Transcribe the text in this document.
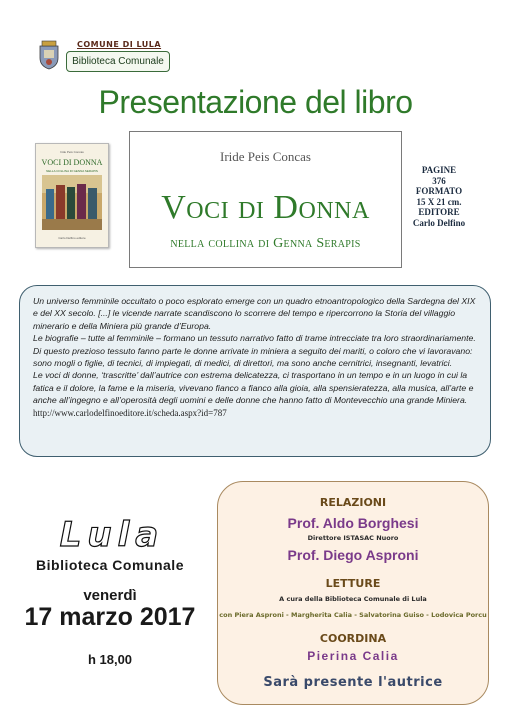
COMUNE DI LULA
Biblioteca Comunale
Presentazione del libro
Iride Peis Concas
VOCI DI DONNA
NELLA COLLINA DI GENNA SERAPIS
Carlo Delfino editore
Iride Peis Concas
Voci di Donna
nella collina di Genna Serapis
PAGINE
376
FORMATO
15 X 21 cm.
EDITORE
Carlo Delfino

Un universo femminile occultato o poco esplorato emerge con un quadro etnoantropologico della Sardegna del XIX e del XX secolo. [...] le vicende narrate scandiscono lo scorrere del tempo e ripercorrono la Storia del villaggio minerario e della Miniera più grande d’Europa.

Le biografie – tutte al femminile – formano un tessuto narrativo fatto di trame intrecciate tra loro straordinariamente. Di questo prezioso tessuto fanno parte le donne arrivate in miniera a seguito dei mariti, o coloro che vi lavoravano: sono mogli o figlie, di tecnici, di impiegati, di medici, di direttori, ma sono anche cernitrici, insegnanti, levatrici.

Le voci di donne, ‘trascritte’ dall’autrice con estrema delicatezza, ci trasportano in un tempo e in un luogo in cui la fatica e il dolore, la fame e la miseria, vivevano fianco a fianco alla gioia, alla spensieratezza, alla musica, all’arte e anche all’ingegno e all’operosità degli uomini e delle donne che hanno fatto di Montevecchio una grande Miniera.

http://www.carlodelfinoeditore.it/scheda.aspx?id=787

Lula
Biblioteca Comunale
venerdì
17 marzo 2017
h 18,00
RELAZIONI
Prof. Aldo Borghesi
Direttore ISTASAC Nuoro
Prof. Diego Asproni
LETTURE
A cura della Biblioteca Comunale di Lula
con Piera Asproni - Margherita Calia - Salvatorina Guiso - Lodovica Porcu
COORDINA
Pierina Calia
Sarà presente l'autrice
